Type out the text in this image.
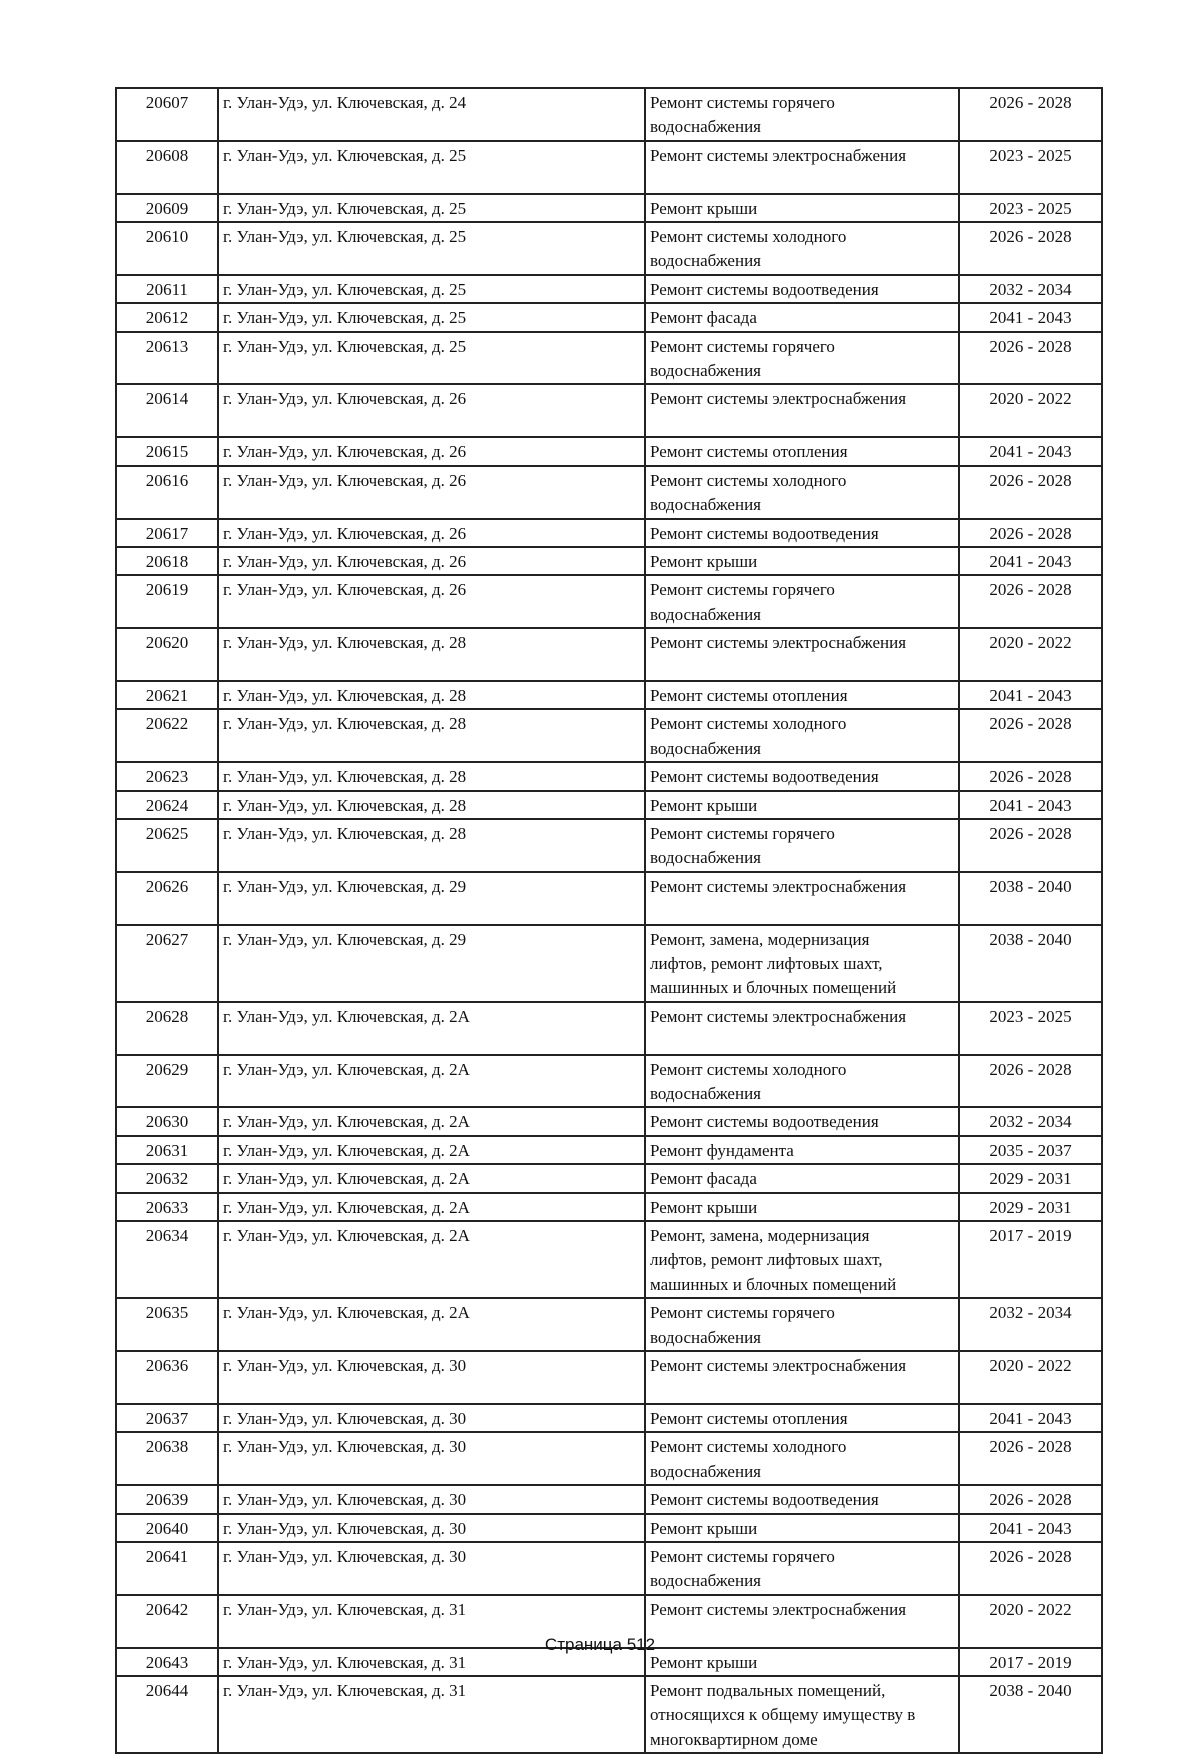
20607	г. Улан-Удэ, ул. Ключевская, д. 24	Ремонт системы горячего
водоснабжения	2026 - 2028
20608	г. Улан-Удэ, ул. Ключевская, д. 25	Ремонт системы электроснабжения	2023 - 2025
20609	г. Улан-Удэ, ул. Ключевская, д. 25	Ремонт крыши	2023 - 2025
20610	г. Улан-Удэ, ул. Ключевская, д. 25	Ремонт системы холодного
водоснабжения	2026 - 2028
20611	г. Улан-Удэ, ул. Ключевская, д. 25	Ремонт системы водоотведения	2032 - 2034
20612	г. Улан-Удэ, ул. Ключевская, д. 25	Ремонт фасада	2041 - 2043
20613	г. Улан-Удэ, ул. Ключевская, д. 25	Ремонт системы горячего
водоснабжения	2026 - 2028
20614	г. Улан-Удэ, ул. Ключевская, д. 26	Ремонт системы электроснабжения	2020 - 2022
20615	г. Улан-Удэ, ул. Ключевская, д. 26	Ремонт системы отопления	2041 - 2043
20616	г. Улан-Удэ, ул. Ключевская, д. 26	Ремонт системы холодного
водоснабжения	2026 - 2028
20617	г. Улан-Удэ, ул. Ключевская, д. 26	Ремонт системы водоотведения	2026 - 2028
20618	г. Улан-Удэ, ул. Ключевская, д. 26	Ремонт крыши	2041 - 2043
20619	г. Улан-Удэ, ул. Ключевская, д. 26	Ремонт системы горячего
водоснабжения	2026 - 2028
20620	г. Улан-Удэ, ул. Ключевская, д. 28	Ремонт системы электроснабжения	2020 - 2022
20621	г. Улан-Удэ, ул. Ключевская, д. 28	Ремонт системы отопления	2041 - 2043
20622	г. Улан-Удэ, ул. Ключевская, д. 28	Ремонт системы холодного
водоснабжения	2026 - 2028
20623	г. Улан-Удэ, ул. Ключевская, д. 28	Ремонт системы водоотведения	2026 - 2028
20624	г. Улан-Удэ, ул. Ключевская, д. 28	Ремонт крыши	2041 - 2043
20625	г. Улан-Удэ, ул. Ключевская, д. 28	Ремонт системы горячего
водоснабжения	2026 - 2028
20626	г. Улан-Удэ, ул. Ключевская, д. 29	Ремонт системы электроснабжения	2038 - 2040
20627	г. Улан-Удэ, ул. Ключевская, д. 29	Ремонт, замена, модернизация
лифтов, ремонт лифтовых шахт,
машинных и блочных помещений	2038 - 2040
20628	г. Улан-Удэ, ул. Ключевская, д. 2А	Ремонт системы электроснабжения	2023 - 2025
20629	г. Улан-Удэ, ул. Ключевская, д. 2А	Ремонт системы холодного
водоснабжения	2026 - 2028
20630	г. Улан-Удэ, ул. Ключевская, д. 2А	Ремонт системы водоотведения	2032 - 2034
20631	г. Улан-Удэ, ул. Ключевская, д. 2А	Ремонт фундамента	2035 - 2037
20632	г. Улан-Удэ, ул. Ключевская, д. 2А	Ремонт фасада	2029 - 2031
20633	г. Улан-Удэ, ул. Ключевская, д. 2А	Ремонт крыши	2029 - 2031
20634	г. Улан-Удэ, ул. Ключевская, д. 2А	Ремонт, замена, модернизация
лифтов, ремонт лифтовых шахт,
машинных и блочных помещений	2017 - 2019
20635	г. Улан-Удэ, ул. Ключевская, д. 2А	Ремонт системы горячего
водоснабжения	2032 - 2034
20636	г. Улан-Удэ, ул. Ключевская, д. 30	Ремонт системы электроснабжения	2020 - 2022
20637	г. Улан-Удэ, ул. Ключевская, д. 30	Ремонт системы отопления	2041 - 2043
20638	г. Улан-Удэ, ул. Ключевская, д. 30	Ремонт системы холодного
водоснабжения	2026 - 2028
20639	г. Улан-Удэ, ул. Ключевская, д. 30	Ремонт системы водоотведения	2026 - 2028
20640	г. Улан-Удэ, ул. Ключевская, д. 30	Ремонт крыши	2041 - 2043
20641	г. Улан-Удэ, ул. Ключевская, д. 30	Ремонт системы горячего
водоснабжения	2026 - 2028
20642	г. Улан-Удэ, ул. Ключевская, д. 31	Ремонт системы электроснабжения	2020 - 2022
20643	г. Улан-Удэ, ул. Ключевская, д. 31	Ремонт крыши	2017 - 2019
20644	г. Улан-Удэ, ул. Ключевская, д. 31	Ремонт подвальных помещений,
относящихся к общему имуществу в
многоквартирном доме	2038 - 2040
Страница 512
